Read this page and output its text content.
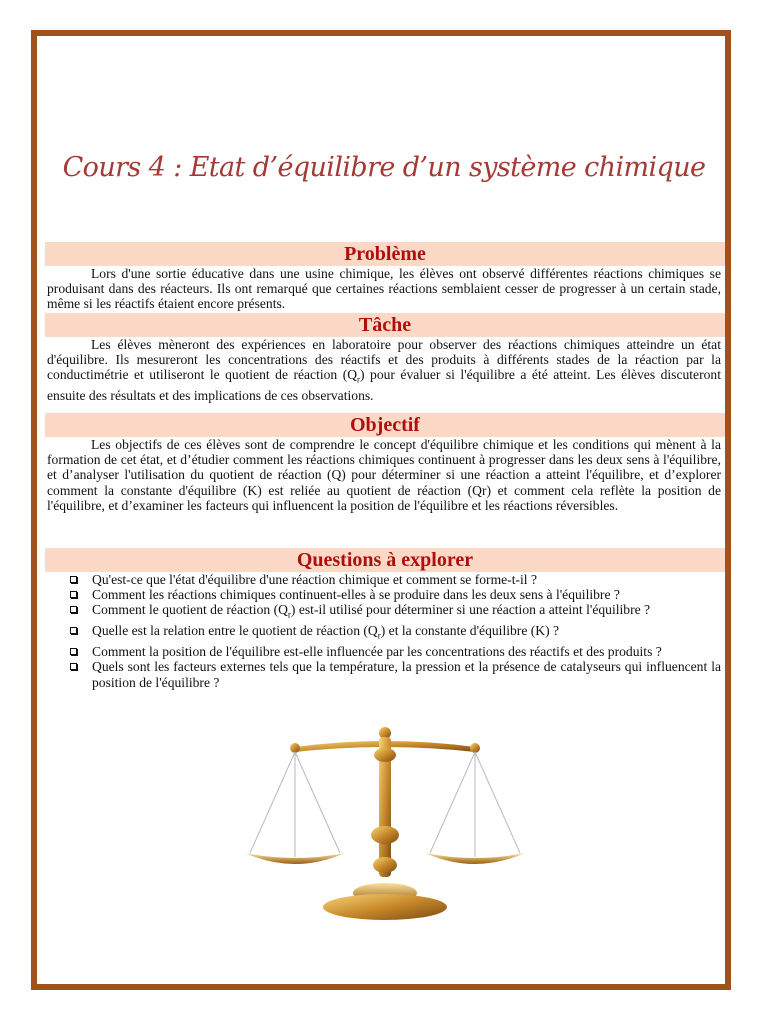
Cours 4 : Etat d’équilibre d’un système chimique
Problème
Lors d'une sortie éducative dans une usine chimique, les élèves ont observé différentes réactions chimiques se produisant dans des réacteurs. Ils ont remarqué que certaines réactions semblaient cesser de progresser à un certain stade, même si les réactifs étaient encore présents.
Tâche
Les élèves mèneront des expériences en laboratoire pour observer des réactions chimiques atteindre un état d'équilibre. Ils mesureront les concentrations des réactifs et des produits à différents stades de la réaction par la conductimétrie et utiliseront le quotient de réaction $(Q_r)$ pour évaluer si l'équilibre a été atteint. Les élèves discuteront ensuite des résultats et des implications de ces observations.
Objectif
Les objectifs de ces élèves sont de comprendre le concept d'équilibre chimique et les conditions qui mènent à la formation de cet état, et d’étudier comment les réactions chimiques continuent à progresser dans les deux sens à l'équilibre, et d’analyser l'utilisation du quotient de réaction (Q) pour déterminer si une réaction a atteint l'équilibre, et d’explorer comment la constante d'équilibre (K) est reliée au quotient de réaction (Qr) et comment cela reflète la position de l'équilibre, et d’examiner les facteurs qui influencent la position de l'équilibre et les réactions réversibles.
Questions à explorer
Qu'est-ce que l'état d'équilibre d'une réaction chimique et comment se forme-t-il ?
Comment les réactions chimiques continuent-elles à se produire dans les deux sens à l'équilibre ?
Comment le quotient de réaction $(Q_r)$ est-il utilisé pour déterminer si une réaction a atteint l'équilibre ?
Quelle est la relation entre le quotient de réaction $(Q_r)$ et la constante d'équilibre (K) ?
Comment la position de l'équilibre est-elle influencée par les concentrations des réactifs et des produits ?
Quels sont les facteurs externes tels que la température, la pression et la présence de catalyseurs qui influencent la position de l'équilibre ?
